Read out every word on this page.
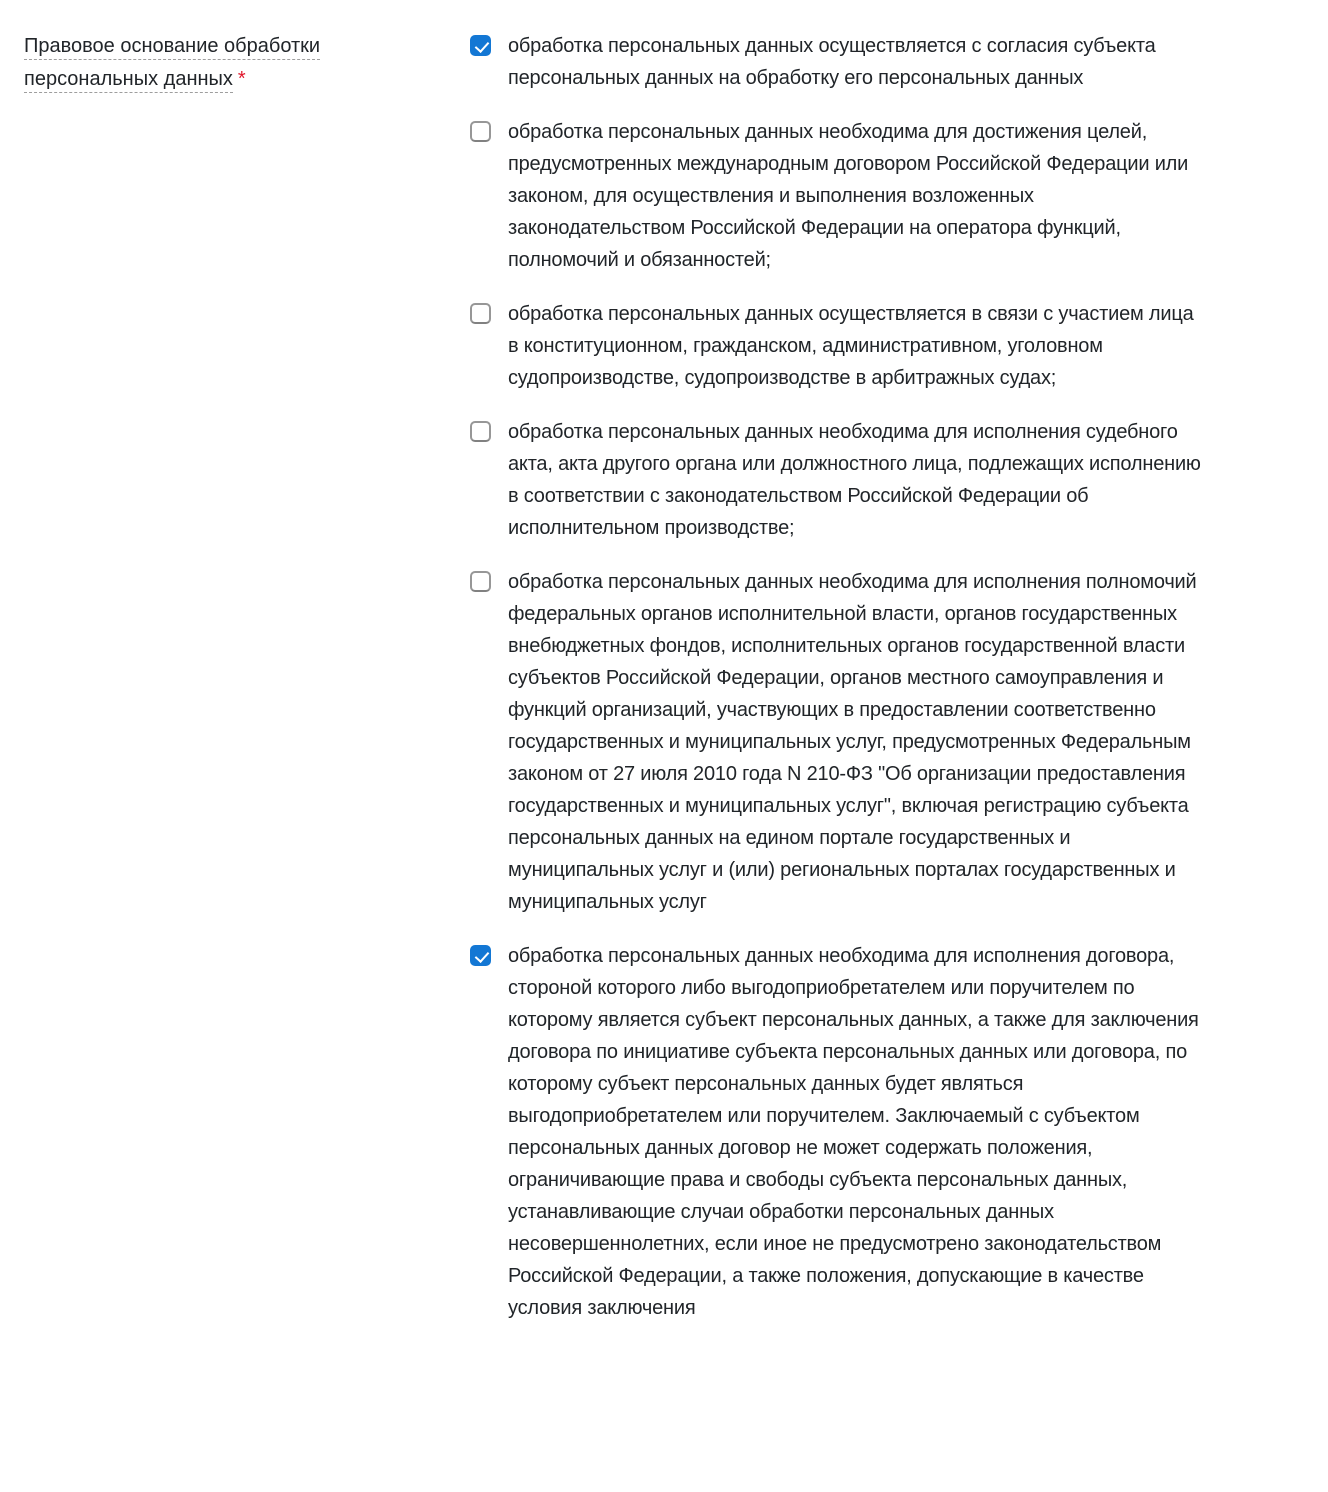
Правовое основание обработки персональных данных *
обработка персональных данных осуществляется с согласия субъекта персональных данных на обработку его персональных данных
обработка персональных данных необходима для достижения целей, предусмотренных международным договором Российской Федерации или законом, для осуществления и выполнения возложенных законодательством Российской Федерации на оператора функций, полномочий и обязанностей;
обработка персональных данных осуществляется в связи с участием лица в конституционном, гражданском, административном, уголовном судопроизводстве, судопроизводстве в арбитражных судах;
обработка персональных данных необходима для исполнения судебного акта, акта другого органа или должностного лица, подлежащих исполнению в соответствии с законодательством Российской Федерации об исполнительном производстве;
обработка персональных данных необходима для исполнения полномочий федеральных органов исполнительной власти, органов государственных внебюджетных фондов, исполнительных органов государственной власти субъектов Российской Федерации, органов местного самоуправления и функций организаций, участвующих в предоставлении соответственно государственных и муниципальных услуг, предусмотренных Федеральным законом от 27 июля 2010 года N 210-ФЗ "Об организации предоставления государственных и муниципальных услуг", включая регистрацию субъекта персональных данных на едином портале государственных и муниципальных услуг и (или) региональных порталах государственных и муниципальных услуг
обработка персональных данных необходима для исполнения договора, стороной которого либо выгодоприобретателем или поручителем по которому является субъект персональных данных, а также для заключения договора по инициативе субъекта персональных данных или договора, по которому субъект персональных данных будет являться выгодоприобретателем или поручителем. Заключаемый с субъектом персональных данных договор не может содержать положения, ограничивающие права и свободы субъекта персональных данных, устанавливающие случаи обработки персональных данных несовершеннолетних, если иное не предусмотрено законодательством Российской Федерации, а также положения, допускающие в качестве условия заключения
